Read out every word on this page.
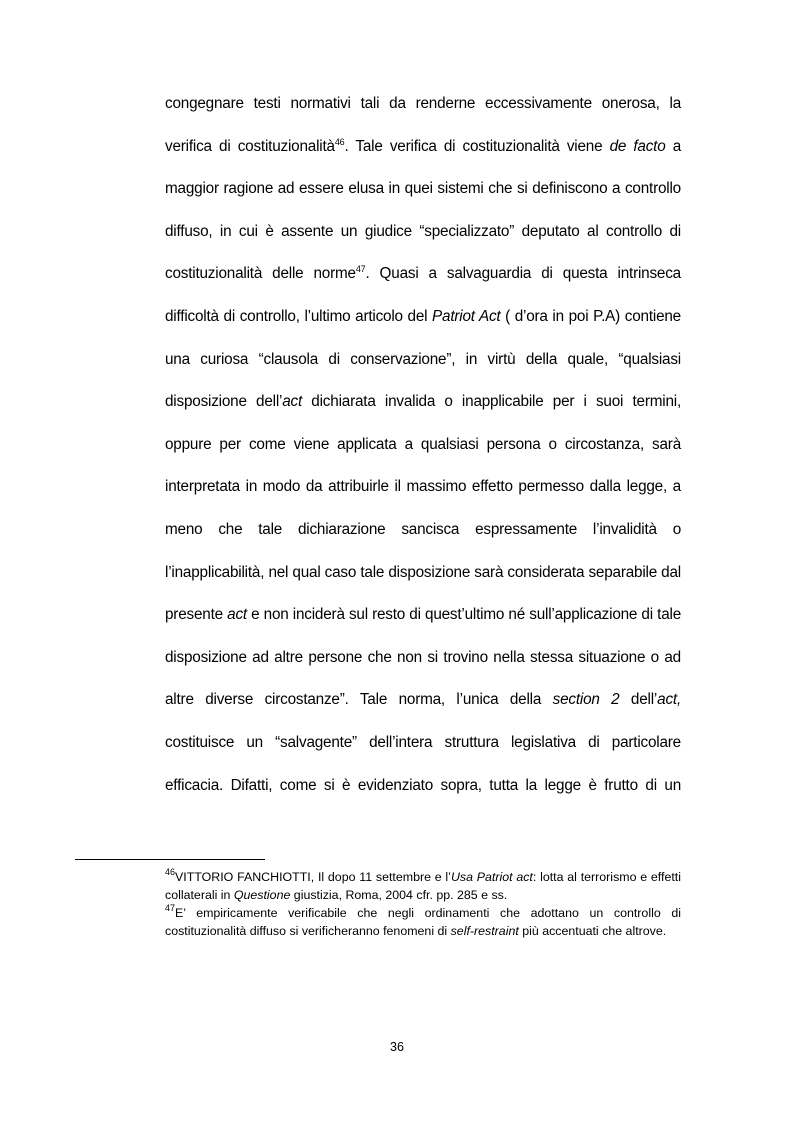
congegnare testi normativi tali da renderne eccessivamente onerosa, la verifica di costituzionalità$^{46}$. Tale verifica di costituzionalità viene de facto a maggior ragione ad essere elusa in quei sistemi che si definiscono a controllo diffuso, in cui è assente un giudice “specializzato” deputato al controllo di costituzionalità delle norme$^{47}$. Quasi a salvaguardia di questa intrinseca difficoltà di controllo, l’ultimo articolo del Patriot Act ( d’ora in poi P.A) contiene una curiosa “clausola di conservazione”, in virtù della quale, “qualsiasi disposizione dell’act dichiarata invalida o inapplicabile per i suoi termini, oppure per come viene applicata a qualsiasi persona o circostanza, sarà interpretata in modo da attribuirle il massimo effetto permesso dalla legge, a meno che tale dichiarazione sancisca espressamente l’invalidità o l’inapplicabilità, nel qual caso tale disposizione sarà considerata separabile dal presente act e non inciderà sul resto di quest’ultimo né sull’applicazione di tale disposizione ad altre persone che non si trovino nella stessa situazione o ad altre diverse circostanze”. Tale norma, l’unica della section 2 dell’act, costituisce un “salvagente” dell’intera struttura legislativa di particolare efficacia. Difatti, come si è evidenziato sopra, tutta la legge è frutto di un

$^{46}$VITTORIO FANCHIOTTI, Il dopo 11 settembre e l’Usa Patriot act: lotta al terrorismo e effetti collaterali in Questione giustizia, Roma, 2004 cfr. pp. 285 e ss.

$^{47}$E’ empiricamente verificabile che negli ordinamenti che adottano un controllo di costituzionalità diffuso si verificheranno fenomeni di self-restraint più accentuati che altrove.

36
